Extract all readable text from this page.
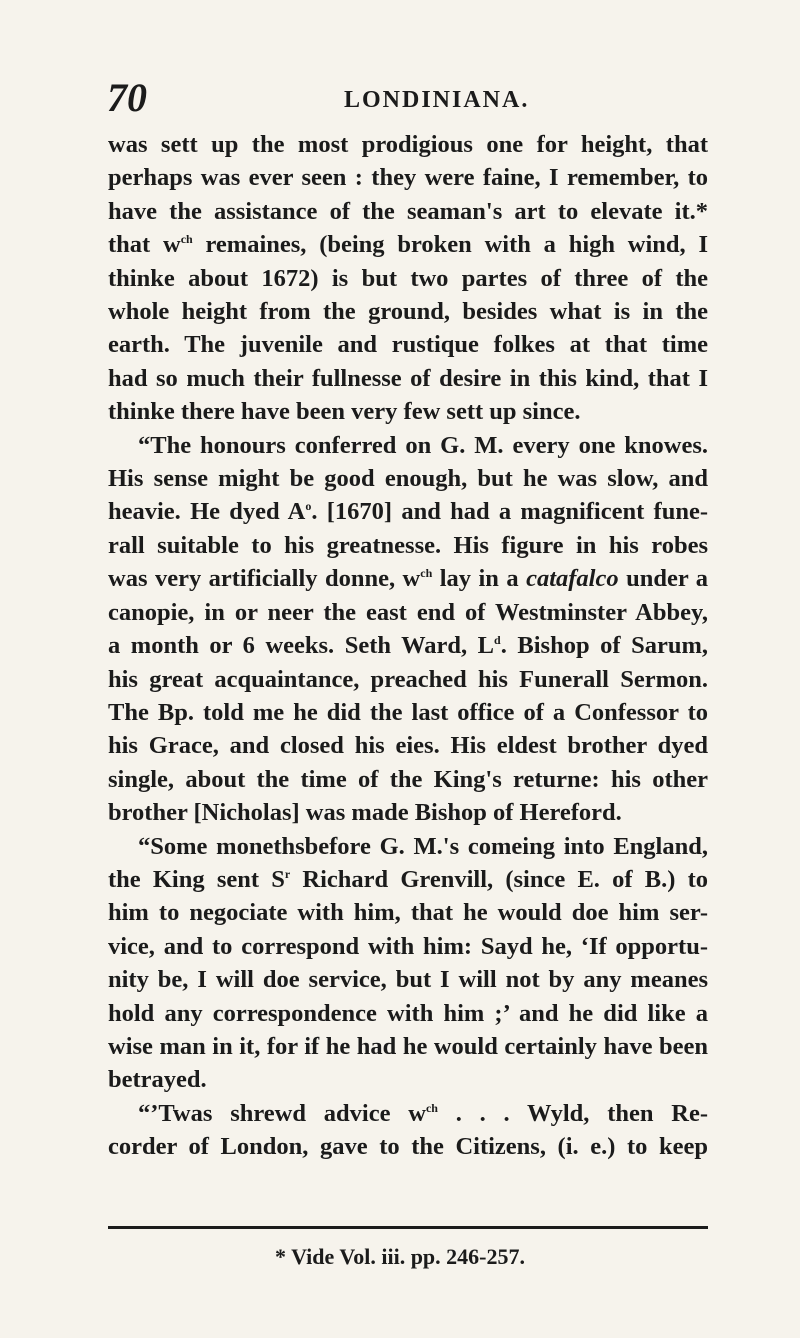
70	LONDINIANA.
was sett up the most prodigious one for height, that
perhaps was ever seen : they were faine, I remember, to
have the assistance of the seaman's art to elevate it.*
that $w^{ch}$ remaines, (being broken with a high wind, I
thinke about 1672) is but two partes of three of the
whole height from the ground, besides what is in the
earth. The juvenile and rustique folkes at that time
had so much their fullnesse of desire in this kind, that I
thinke there have been very few sett up since.
“The honours conferred on G. M. every one knowes.
His sense might be good enough, but he was slow, and
heavie. He dyed $A^o$. [1670] and had a magnificent fune-
rall suitable to his greatnesse. His figure in his robes
was very artificially donne, $w^{ch}$ lay in a catafalco under a
canopie, in or neer the east end of Westminster Abbey,
a month or 6 weeks. Seth Ward, $L^d$. Bishop of Sarum,
his great acquaintance, preached his Funerall Sermon.
The Bp. told me he did the last office of a Confessor to
his Grace, and closed his eies. His eldest brother dyed
single, about the time of the King's returne: his other
brother [Nicholas] was made Bishop of Hereford.
“Some monethsbefore G. M.'s comeing into England,
the King sent $S^r$ Richard Grenvill, (since E. of B.) to
him to negociate with him, that he would doe him ser-
vice, and to correspond with him: Sayd he, ‘If opportu-
nity be, I will doe service, but I will not by any meanes
hold any correspondence with him ;’ and he did like a
wise man in it, for if he had he would certainly have been
betrayed.
“’Twas shrewd advice $w^{ch}$ . . . Wyld, then Re-
corder of London, gave to the Citizens, (i. e.) to keep
* Vide Vol. iii. pp. 246-257.
